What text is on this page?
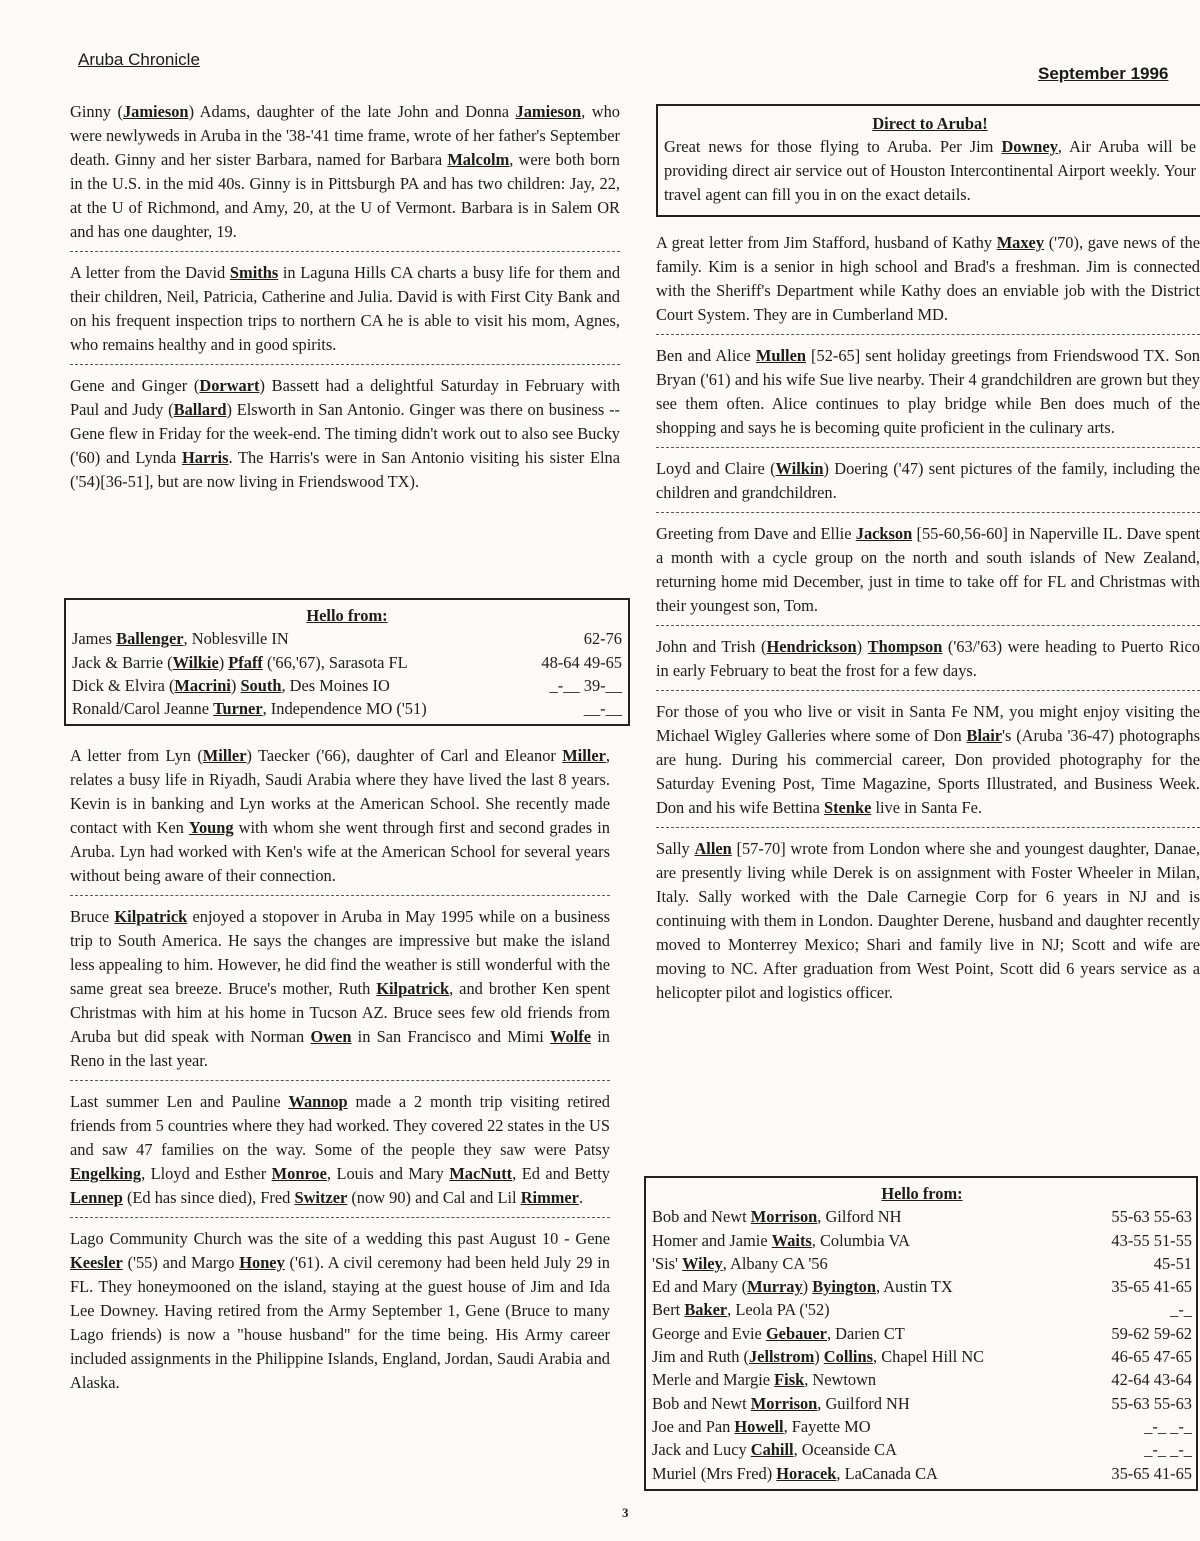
Aruba Chronicle
September 1996

Ginny (Jamieson) Adams, daughter of the late John and Donna Jamieson, who were newlyweds in Aruba in the '38-'41 time frame, wrote of her father's September death. Ginny and her sister Barbara, named for Barbara Malcolm, were both born in the U.S. in the mid 40s. Ginny is in Pittsburgh PA and has two children: Jay, 22, at the U of Richmond, and Amy, 20, at the U of Vermont. Barbara is in Salem OR and has one daughter, 19.

A letter from the David Smiths in Laguna Hills CA charts a busy life for them and their children, Neil, Patricia, Catherine and Julia. David is with First City Bank and on his frequent inspection trips to northern CA he is able to visit his mom, Agnes, who remains healthy and in good spirits.

Gene and Ginger (Dorwart) Bassett had a delightful Saturday in February with Paul and Judy (Ballard) Elsworth in San Antonio. Ginger was there on business -- Gene flew in Friday for the week-end. The timing didn't work out to also see Bucky ('60) and Lynda Harris. The Harris's were in San Antonio visiting his sister Elna ('54)[36-51], but are now living in Friendswood TX).

Hello from:
James Ballenger, Noblesville IN	62-76
Jack & Barrie (Wilkie) Pfaff ('66,'67), Sarasota FL	48-64 49-65
Dick & Elvira (Macrini) South, Des Moines IO	_-__ 39-__
Ronald/Carol Jeanne Turner, Independence MO ('51)	__-__

A letter from Lyn (Miller) Taecker ('66), daughter of Carl and Eleanor Miller, relates a busy life in Riyadh, Saudi Arabia where they have lived the last 8 years. Kevin is in banking and Lyn works at the American School. She recently made contact with Ken Young with whom she went through first and second grades in Aruba. Lyn had worked with Ken's wife at the American School for several years without being aware of their connection.

Bruce Kilpatrick enjoyed a stopover in Aruba in May 1995 while on a business trip to South America. He says the changes are impressive but make the island less appealing to him. However, he did find the weather is still wonderful with the same great sea breeze. Bruce's mother, Ruth Kilpatrick, and brother Ken spent Christmas with him at his home in Tucson AZ. Bruce sees few old friends from Aruba but did speak with Norman Owen in San Francisco and Mimi Wolfe in Reno in the last year.

Last summer Len and Pauline Wannop made a 2 month trip visiting retired friends from 5 countries where they had worked. They covered 22 states in the US and saw 47 families on the way. Some of the people they saw were Patsy Engelking, Lloyd and Esther Monroe, Louis and Mary MacNutt, Ed and Betty Lennep (Ed has since died), Fred Switzer (now 90) and Cal and Lil Rimmer.

Lago Community Church was the site of a wedding this past August 10 - Gene Keesler ('55) and Margo Honey ('61). A civil ceremony had been held July 29 in FL. They honeymooned on the island, staying at the guest house of Jim and Ida Lee Downey. Having retired from the Army September 1, Gene (Bruce to many Lago friends) is now a "house husband" for the time being. His Army career included assignments in the Philippine Islands, England, Jordan, Saudi Arabia and Alaska.

Direct to Aruba!

Great news for those flying to Aruba. Per Jim Downey, Air Aruba will be providing direct air service out of Houston Intercontinental Airport weekly. Your travel agent can fill you in on the exact details.

A great letter from Jim Stafford, husband of Kathy Maxey ('70), gave news of the family. Kim is a senior in high school and Brad's a freshman. Jim is connected with the Sheriff's Department while Kathy does an enviable job with the District Court System. They are in Cumberland MD.

Ben and Alice Mullen [52-65] sent holiday greetings from Friendswood TX. Son Bryan ('61) and his wife Sue live nearby. Their 4 grandchildren are grown but they see them often. Alice continues to play bridge while Ben does much of the shopping and says he is becoming quite proficient in the culinary arts.

Loyd and Claire (Wilkin) Doering ('47) sent pictures of the family, including the children and grandchildren.

Greeting from Dave and Ellie Jackson [55-60,56-60] in Naperville IL. Dave spent a month with a cycle group on the north and south islands of New Zealand, returning home mid December, just in time to take off for FL and Christmas with their youngest son, Tom.

John and Trish (Hendrickson) Thompson ('63/'63) were heading to Puerto Rico in early February to beat the frost for a few days.

For those of you who live or visit in Santa Fe NM, you might enjoy visiting the Michael Wigley Galleries where some of Don Blair's (Aruba '36-47) photographs are hung. During his commercial career, Don provided photography for the Saturday Evening Post, Time Magazine, Sports Illustrated, and Business Week. Don and his wife Bettina Stenke live in Santa Fe.

Sally Allen [57-70] wrote from London where she and youngest daughter, Danae, are presently living while Derek is on assignment with Foster Wheeler in Milan, Italy. Sally worked with the Dale Carnegie Corp for 6 years in NJ and is continuing with them in London. Daughter Derene, husband and daughter recently moved to Monterrey Mexico; Shari and family live in NJ; Scott and wife are moving to NC. After graduation from West Point, Scott did 6 years service as a helicopter pilot and logistics officer.

Hello from:
Bob and Newt Morrison, Gilford NH	55-63 55-63
Homer and Jamie Waits, Columbia VA	43-55 51-55
'Sis' Wiley, Albany CA '56	45-51
Ed and Mary (Murray) Byington, Austin TX	35-65 41-65
Bert Baker, Leola PA ('52)	_-_
George and Evie Gebauer, Darien CT	59-62 59-62
Jim and Ruth (Jellstrom) Collins, Chapel Hill NC	46-65 47-65
Merle and Margie Fisk, Newtown	42-64 43-64
Bob and Newt Morrison, Guilford NH	55-63 55-63
Joe and Pan Howell, Fayette MO	_-_ _-_
Jack and Lucy Cahill, Oceanside CA	_-_ _-_
Muriel (Mrs Fred) Horacek, LaCanada CA	35-65 41-65
3
